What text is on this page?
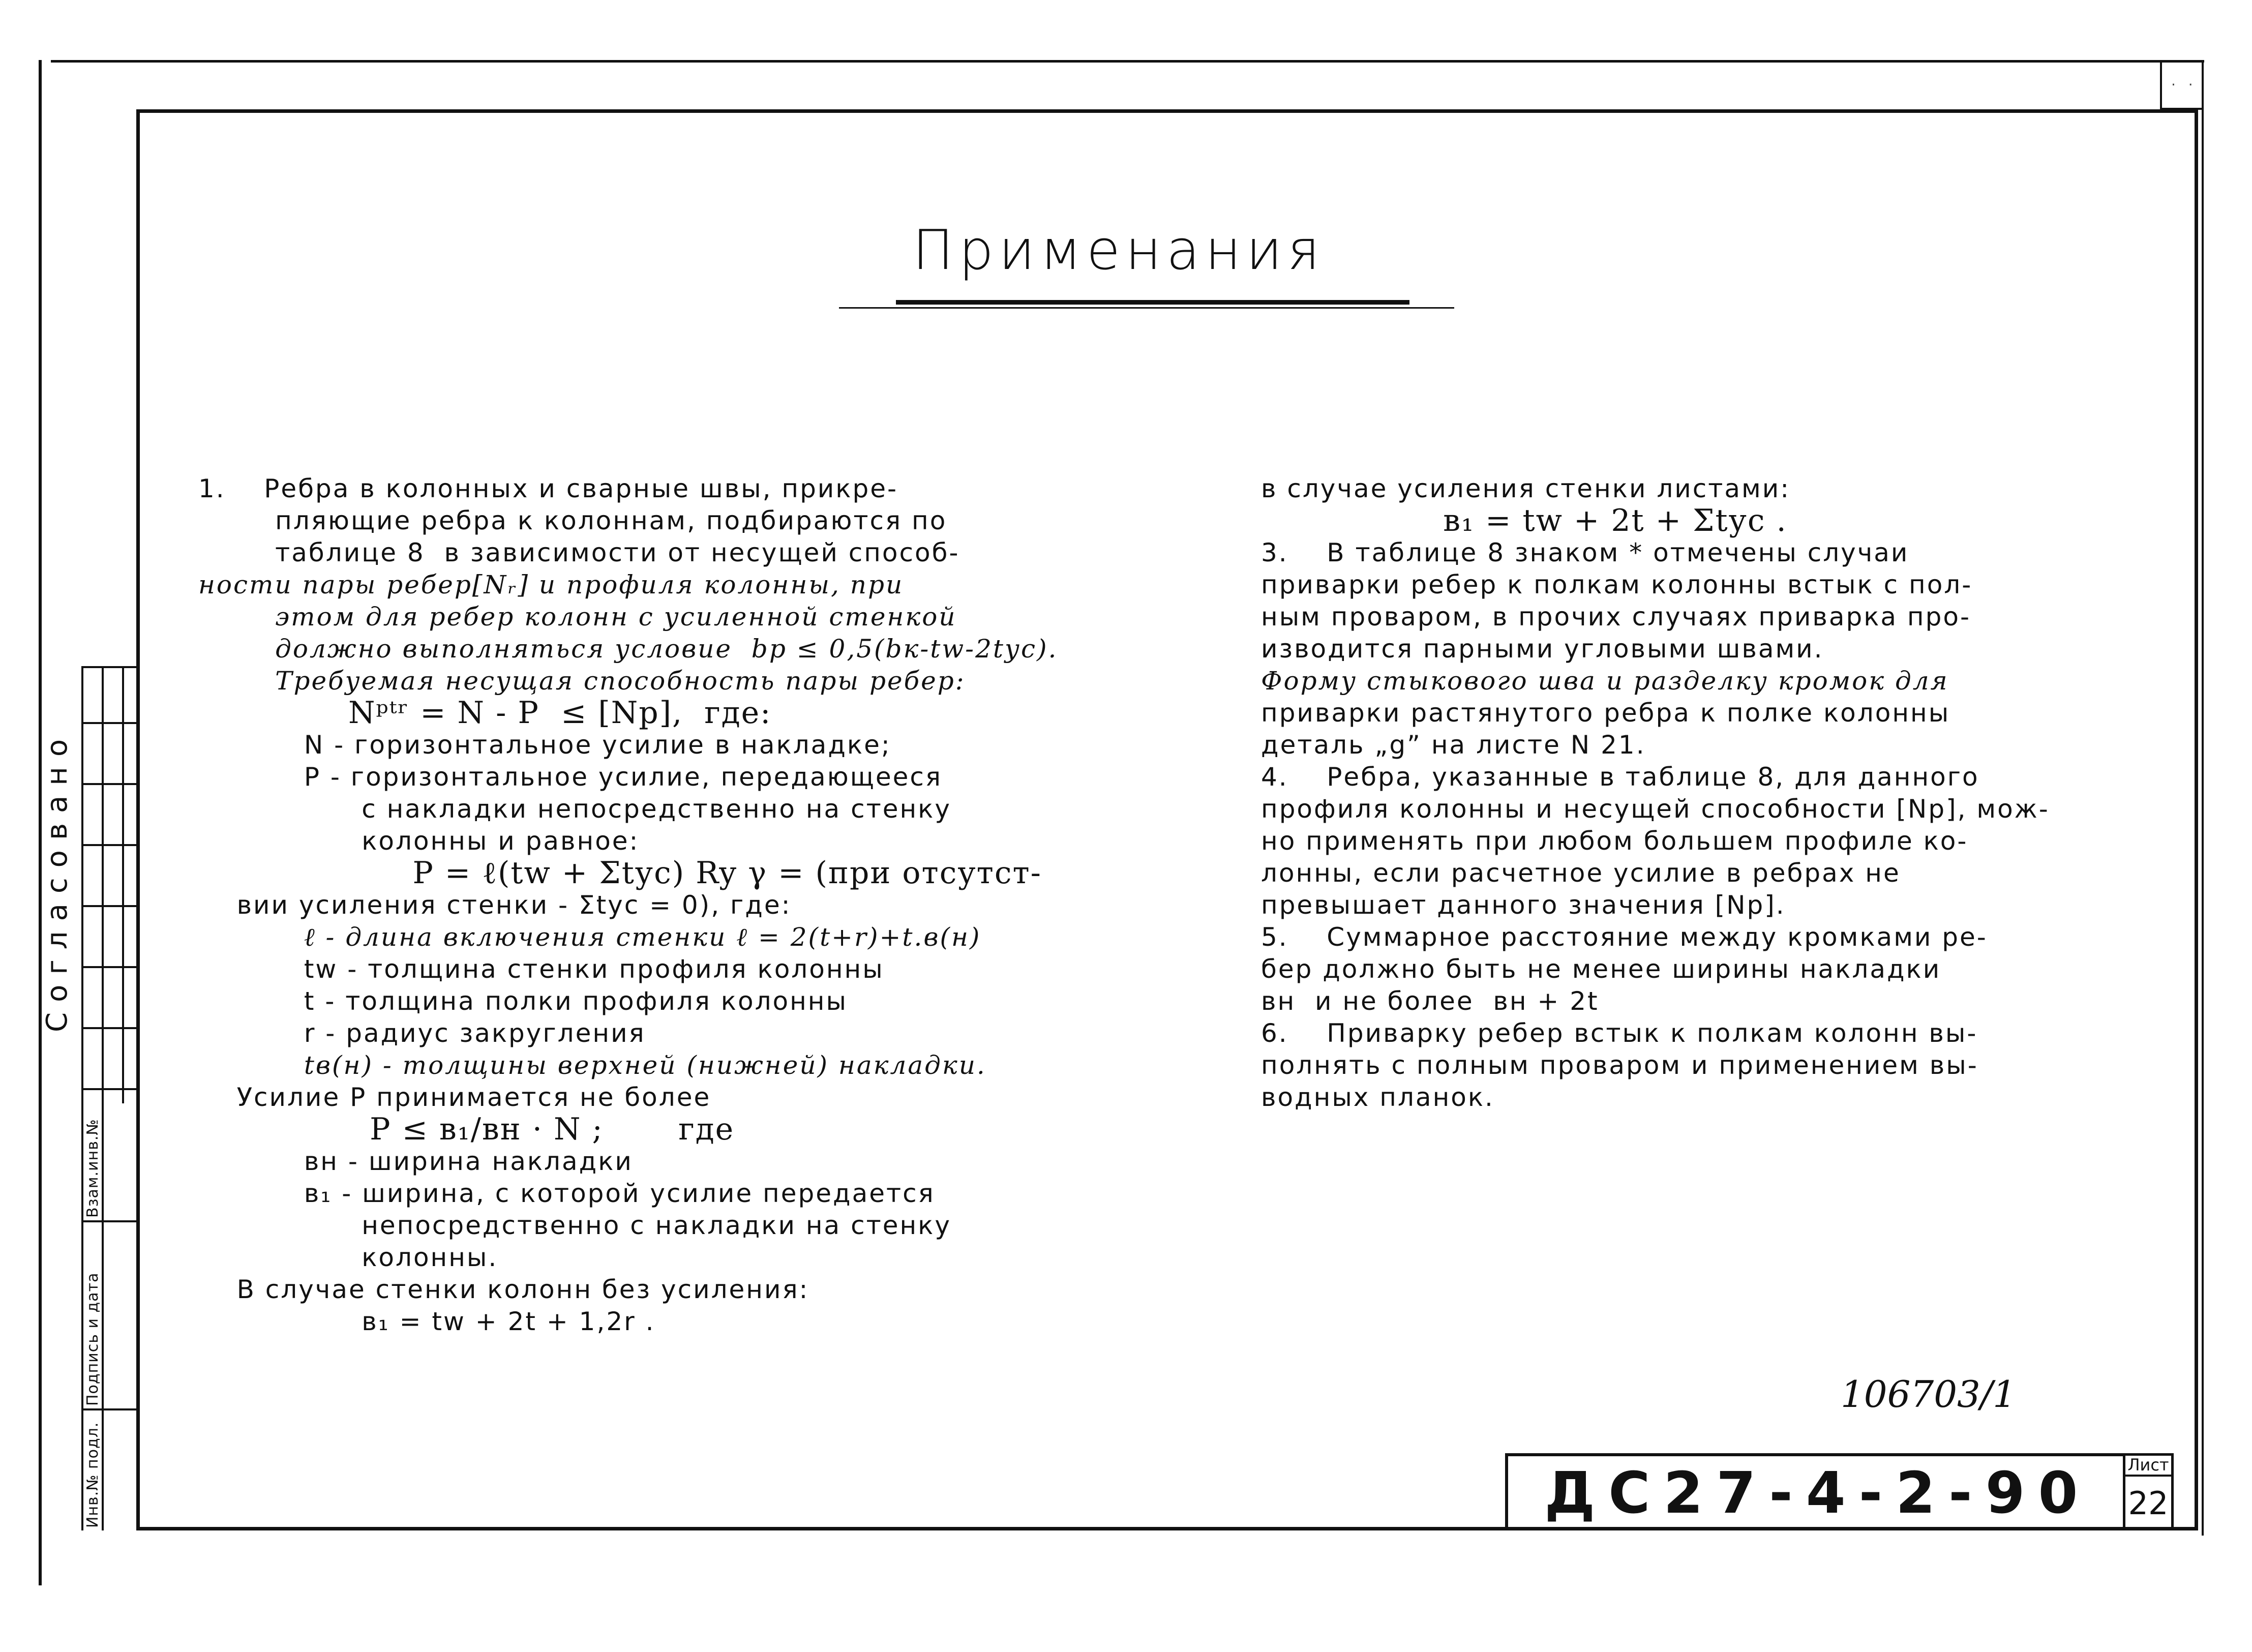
· ·
Применания

1.    Ребра в колонных и сварные швы, прикре-

пляющие ребра к колоннам, подбираются по

таблице 8  в зависимости от несущей способ-

ности пары ребер[Nᵣ] и профиля колонны, при

этом для ребер колонн с усиленной стенкой

должно выполняться условие  bр ≤ 0,5(bк-tw-2tус).

Требуемая несущая способность пары ребер:

Nᵖᵗʳ = N - P  ≤ [Nр],  где:

N - горизонтальное усилие в накладке;

P - горизонтальное усилие, передающееся

с накладки непосредственно на стенку

колонны и равное:

P = ℓ(tw + Σtус) Ry γ = (при отсутст-

вии усиления стенки - Σtус = 0), где:

ℓ - длина включения стенки ℓ = 2(t+r)+t.в(н)

tw - толщина стенки профиля колонны

t - толщина полки профиля колонны

r - радиус закругления

tв(н) - толщины верхней (нижней) накладки.

Усилие P принимается не более

P ≤ в₁/вн · N ;       где

вн - ширина накладки

в₁ - ширина, с которой усилие передается

непосредственно с накладки на стенку

колонны.

В случае стенки колонн без усиления:

в₁ = tw + 2t + 1,2r .

в случае усиления стенки листами:

в₁ = tw + 2t + Σtус .

3.    В таблице 8 знаком * отмечены случаи

приварки ребер к полкам колонны встык с пол-

ным проваром, в прочих случаях приварка про-

изводится парными угловыми швами.

Форму стыкового шва и разделку кромок для

приварки растянутого ребра к полке колонны

деталь „g” на листе N 21.

4.    Ребра, указанные в таблице 8, для данного

профиля колонны и несущей способности [Nр], мож-

но применять при любом большем профиле ко-

лонны, если расчетное усилие в ребрах не

превышает данного значения [Nр].

5.    Суммарное расстояние между кромками ре-

бер должно быть не менее ширины накладки

вн  и не более  вн + 2t

6.    Приварку ребер встык к полкам колонн вы-

полнять с полным проваром и применением вы-

водных планок.

Согласовано
Взам.инв.№
Подпись и дата
Инв.№ подл.
106703/1
ДС27-4-2-90	Лист
22
